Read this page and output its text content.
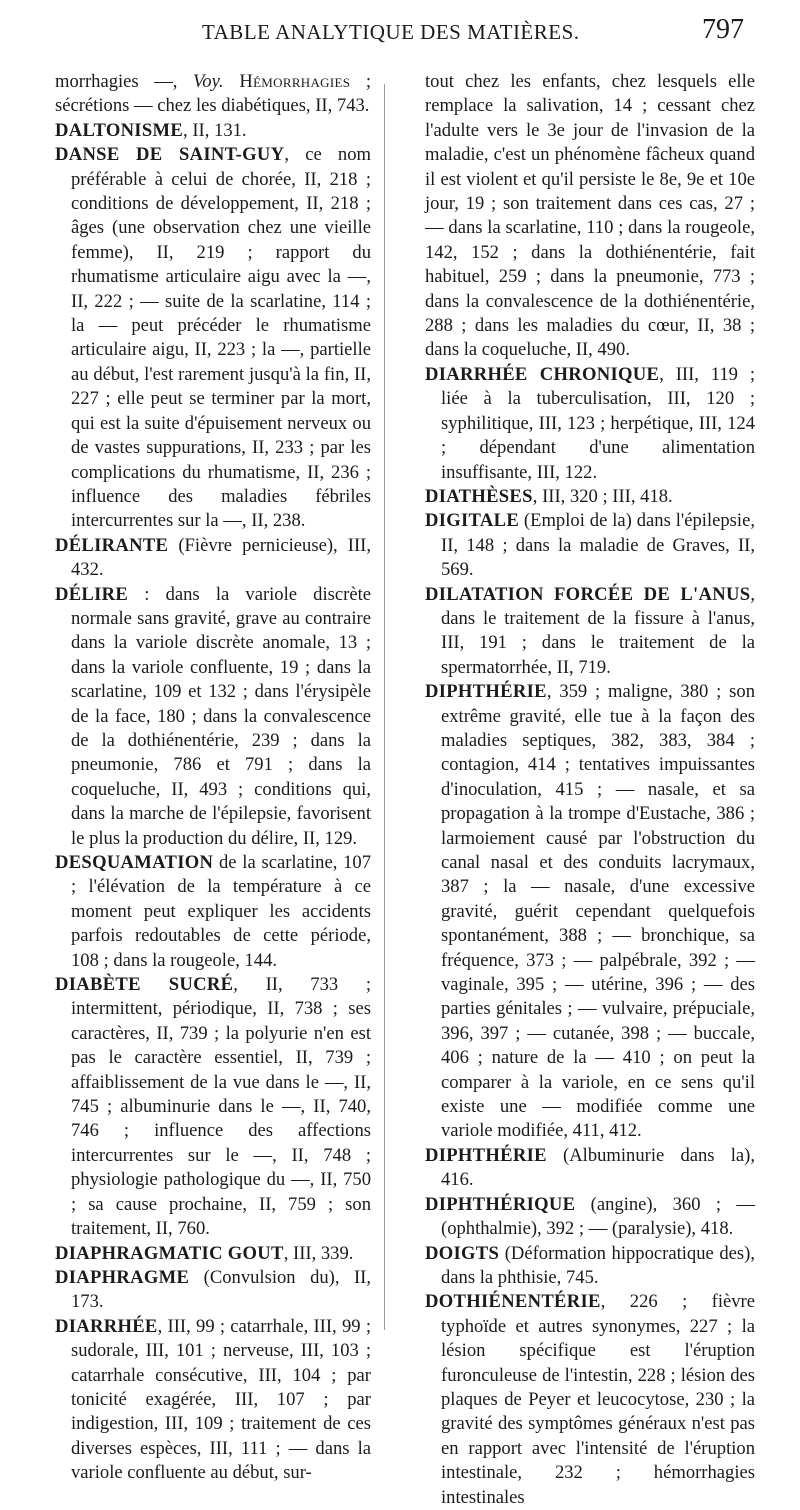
TABLE ANALYTIQUE DES MATIÈRES.	797

morrhagies —, Voy. Hémorrhagies ; sécrétions — chez les diabétiques, II, 743.

DALTONISME, II, 131.

DANSE DE SAINT-GUY, ce nom préférable à celui de chorée, II, 218 ; conditions de développement, II, 218 ; âges (une observation chez une vieille femme), II, 219 ; rapport du rhumatisme articulaire aigu avec la —, II, 222 ; — suite de la scarlatine, 114 ; la — peut précéder le rhumatisme articulaire aigu, II, 223 ; la —, partielle au début, l'est rarement jusqu'à la fin, II, 227 ; elle peut se terminer par la mort, qui est la suite d'épuisement nerveux ou de vastes suppurations, II, 233 ; par les complications du rhumatisme, II, 236 ; influence des maladies fébriles intercurrentes sur la —, II, 238.

DÉLIRANTE (Fièvre pernicieuse), III, 432.

DÉLIRE : dans la variole discrète normale sans gravité, grave au contraire dans la variole discrète anomale, 13 ; dans la variole confluente, 19 ; dans la scarlatine, 109 et 132 ; dans l'érysipèle de la face, 180 ; dans la convalescence de la dothiénentérie, 239 ; dans la pneumonie, 786 et 791 ; dans la coqueluche, II, 493 ; conditions qui, dans la marche de l'épilepsie, favorisent le plus la production du délire, II, 129.

DESQUAMATION de la scarlatine, 107 ; l'élévation de la température à ce moment peut expliquer les accidents parfois redoutables de cette période, 108 ; dans la rougeole, 144.

DIABÈTE SUCRÉ, II, 733 ; intermittent, périodique, II, 738 ; ses caractères, II, 739 ; la polyurie n'en est pas le caractère essentiel, II, 739 ; affaiblissement de la vue dans le —, II, 745 ; albuminurie dans le —, II, 740, 746 ; influence des affections intercurrentes sur le —, II, 748 ; physiologie pathologique du —, II, 750 ; sa cause prochaine, II, 759 ; son traitement, II, 760.

DIAPHRAGMATIC GOUT, III, 339.

DIAPHRAGME (Convulsion du), II, 173.

DIARRHÉE, III, 99 ; catarrhale, III, 99 ; sudorale, III, 101 ; nerveuse, III, 103 ; catarrhale consécutive, III, 104 ; par tonicité exagérée, III, 107 ; par indigestion, III, 109 ; traitement de ces diverses espèces, III, 111 ; — dans la variole confluente au début, sur-

tout chez les enfants, chez lesquels elle remplace la salivation, 14 ; cessant chez l'adulte vers le 3e jour de l'invasion de la maladie, c'est un phénomène fâcheux quand il est violent et qu'il persiste le 8e, 9e et 10e jour, 19 ; son traitement dans ces cas, 27 ; — dans la scarlatine, 110 ; dans la rougeole, 142, 152 ; dans la dothiénentérie, fait habituel, 259 ; dans la pneumonie, 773 ; dans la convalescence de la dothiénentérie, 288 ; dans les maladies du cœur, II, 38 ; dans la coqueluche, II, 490.

DIARRHÉE CHRONIQUE, III, 119 ; liée à la tuberculisation, III, 120 ; syphilitique, III, 123 ; herpétique, III, 124 ; dépendant d'une alimentation insuffisante, III, 122.

DIATHÈSES, III, 320 ; III, 418.

DIGITALE (Emploi de la) dans l'épilepsie, II, 148 ; dans la maladie de Graves, II, 569.

DILATATION FORCÉE DE L'ANUS, dans le traitement de la fissure à l'anus, III, 191 ; dans le traitement de la spermatorrhée, II, 719.

DIPHTHÉRIE, 359 ; maligne, 380 ; son extrême gravité, elle tue à la façon des maladies septiques, 382, 383, 384 ; contagion, 414 ; tentatives impuissantes d'inoculation, 415 ; — nasale, et sa propagation à la trompe d'Eustache, 386 ; larmoiement causé par l'obstruction du canal nasal et des conduits lacrymaux, 387 ; la — nasale, d'une excessive gravité, guérit cependant quelquefois spontanément, 388 ; — bronchique, sa fréquence, 373 ; — palpébrale, 392 ; — vaginale, 395 ; — utérine, 396 ; — des parties génitales ; — vulvaire, prépuciale, 396, 397 ; — cutanée, 398 ; — buccale, 406 ; nature de la — 410 ; on peut la comparer à la variole, en ce sens qu'il existe une — modifiée comme une variole modifiée, 411, 412.

DIPHTHÉRIE (Albuminurie dans la), 416.

DIPHTHÉRIQUE (angine), 360 ; — (ophthalmie), 392 ; — (paralysie), 418.

DOIGTS (Déformation hippocratique des), dans la phthisie, 745.

DOTHIÉNENTÉRIE, 226 ; fièvre typhoïde et autres synonymes, 227 ; la lésion spécifique est l'éruption furonculeuse de l'intestin, 228 ; lésion des plaques de Peyer et leucocytose, 230 ; la gravité des symptômes généraux n'est pas en rapport avec l'intensité de l'éruption intestinale, 232 ; hémorrhagies intestinales
